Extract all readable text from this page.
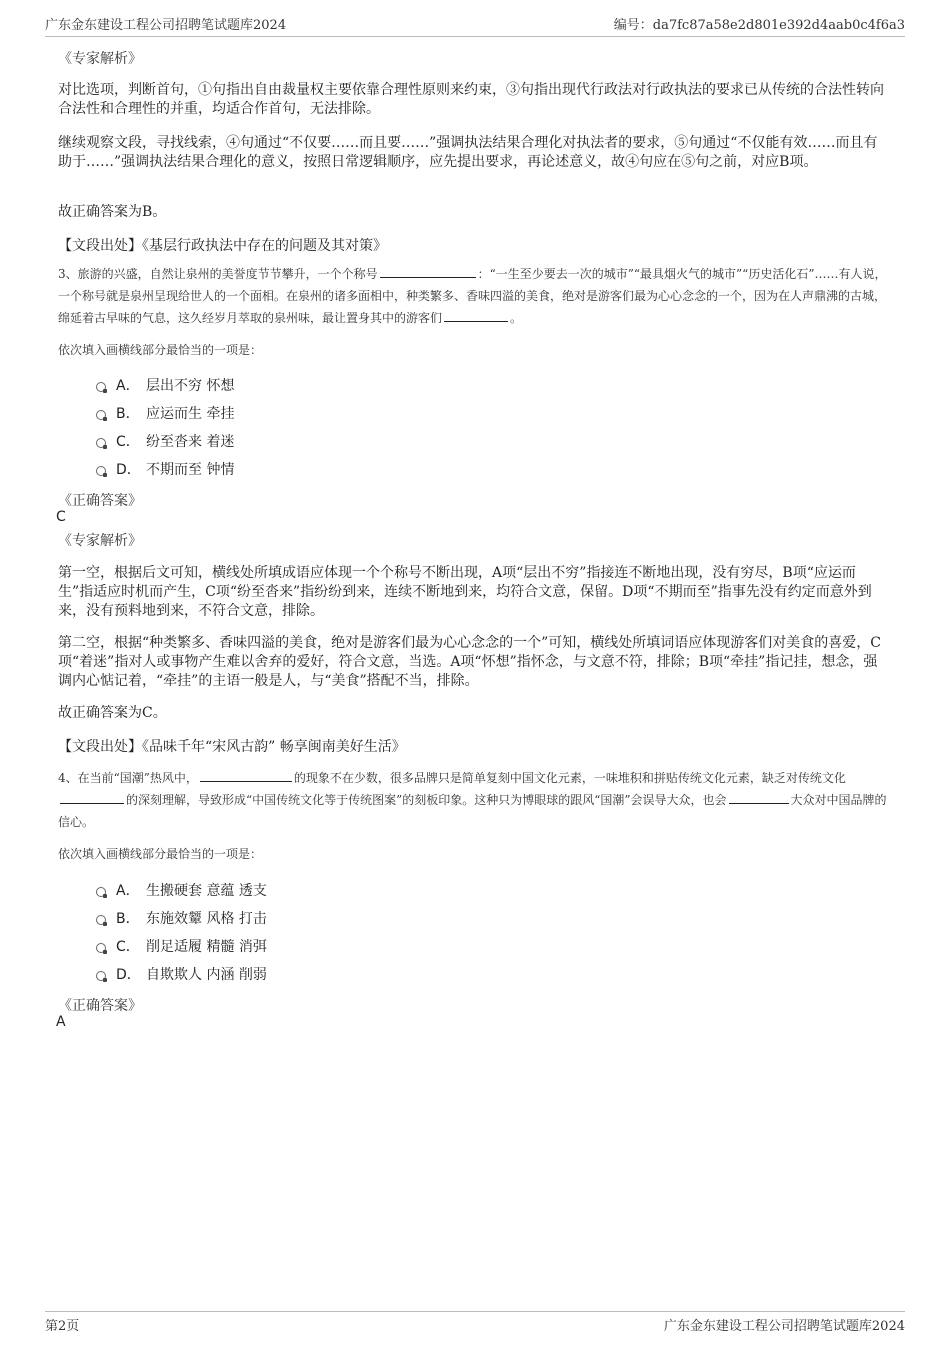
广东金东建设工程公司招聘笔试题库2024	编号：da7fc87a58e2d801e392d4aab0c4f6a3
《专家解析》
对比选项，判断首句，①句指出自由裁量权主要依靠合理性原则来约束，③句指出现代行政法对行政执法的要求已从传统的合法性转向合法性和合理性的并重，均适合作首句，无法排除。
继续观察文段，寻找线索，④句通过“不仅要……而且要……”强调执法结果合理化对执法者的要求，⑤句通过“不仅能有效……而且有助于……”强调执法结果合理化的意义，按照日常逻辑顺序，应先提出要求，再论述意义，故④句应在⑤句之前，对应B项。
故正确答案为B。
【文段出处】《基层行政执法中存在的问题及其对策》
3、旅游的兴盛，自然让泉州的美誉度节节攀升，一个个称号	：“一生至少要去一次的城市”“最具烟火气的城市”“历史活化石”……有人说，一个称号就是泉州呈现给世人的一个面相。在泉州的诸多面相中，种类繁多、香味四溢的美食，绝对是游客们最为心心念念的一个，因为在人声鼎沸的古城，绵延着古早味的气息，这久经岁月萃取的泉州味，最让置身其中的游客们	。
依次填入画横线部分最恰当的一项是：
A． 层出不穷 怀想
B． 应运而生 牵挂
C． 纷至沓来 着迷
D． 不期而至 钟情
《正确答案》
C
《专家解析》
第一空，根据后文可知，横线处所填成语应体现一个个称号不断出现，A项“层出不穷”指接连不断地出现，没有穷尽，B项“应运而生”指适应时机而产生，C项“纷至沓来”指纷纷到来，连续不断地到来，均符合文意，保留。D项“不期而至”指事先没有约定而意外到来，没有预料地到来，不符合文意，排除。
第二空，根据“种类繁多、香味四溢的美食，绝对是游客们最为心心念念的一个”可知，横线处所填词语应体现游客们对美食的喜爱，C项“着迷”指对人或事物产生难以舍弃的爱好，符合文意，当选。A项“怀想”指怀念，与文意不符，排除；B项“牵挂”指记挂，想念，强调内心惦记着，“牵挂”的主语一般是人，与“美食”搭配不当，排除。
故正确答案为C。
【文段出处】《品味千年“宋风古韵” 畅享闽南美好生活》
4、在当前“国潮”热风中，	的现象不在少数，很多品牌只是简单复刻中国文化元素，一味堆积和拼贴传统文化元素，缺乏对传统文化的深刻理解，导致形成“中国传统文化等于传统图案”的刻板印象。这种只为博眼球的跟风“国潮”会误导大众，也会	大众对中国品牌的信心。
依次填入画横线部分最恰当的一项是：
A． 生搬硬套 意蕴 透支
B． 东施效颦 风格 打击
C． 削足适履 精髓 消弭
D． 自欺欺人 内涵 削弱
《正确答案》
A
第2页	广东金东建设工程公司招聘笔试题库2024
